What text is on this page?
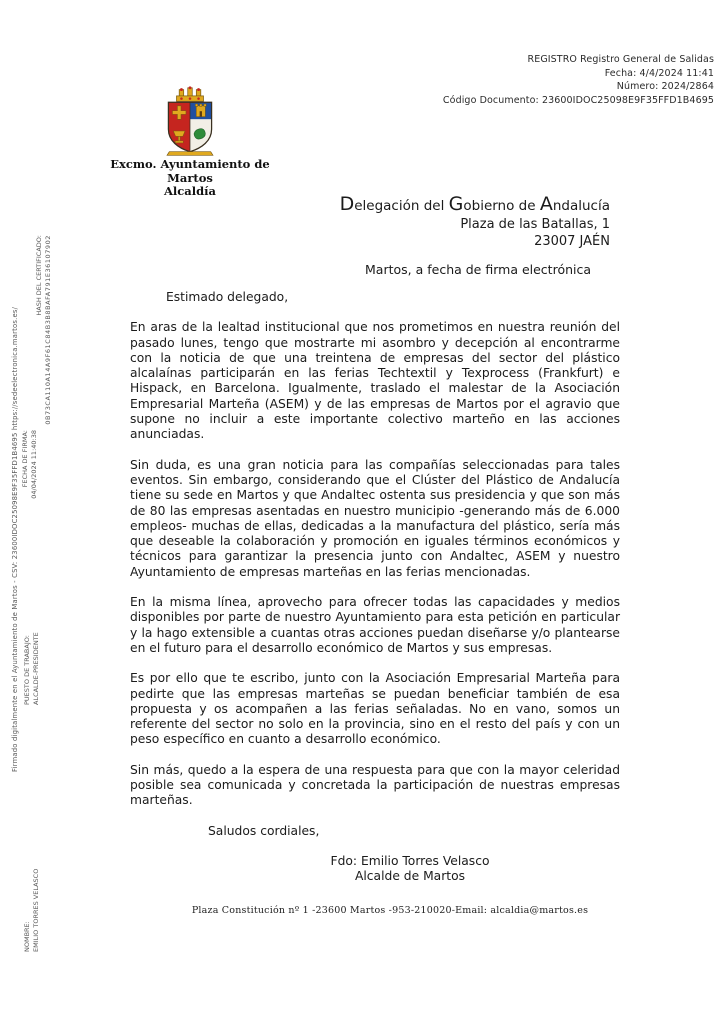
REGISTRO Registro General de Salidas
Fecha: 4/4/2024 11:41
Número: 2024/2864
Código Documento: 23600IDOC25098E9F35FFD1B4695
Excmo. Ayuntamiento de Martos
Alcaldía
Delegación del Gobierno de Andalucía
Plaza de las Batallas, 1
23007 JAÉN
Martos, a fecha de firma electrónica
Estimado delegado,

En aras de la lealtad institucional que nos prometimos en nuestra reunión del pasado lunes, tengo que mostrarte mi asombro y decepción al encontrarme con la noticia de que una treintena de empresas del sector del plástico alcalaínas participarán en las ferias Techtextil y Texprocess (Frankfurt) e Hispack, en Barcelona. Igualmente, traslado el malestar de la Asociación Empresarial Marteña (ASEM) y de las empresas de Martos por el agravio que supone no incluir a este importante colectivo marteño en las acciones anunciadas.

Sin duda, es una gran noticia para las compañías seleccionadas para tales eventos. Sin embargo, considerando que el Clúster del Plástico de Andalucía tiene su sede en Martos y que Andaltec ostenta sus presidencia y que son más de 80 las empresas asentadas en nuestro municipio -generando más de 6.000 empleos- muchas de ellas, dedicadas a la manufactura del plástico, sería más que deseable la colaboración y promoción en iguales términos económicos y técnicos para garantizar la presencia junto con Andaltec, ASEM y nuestro Ayuntamiento de empresas marteñas en las ferias mencionadas.

En la misma línea, aprovecho para ofrecer todas las capacidades y medios disponibles por parte de nuestro Ayuntamiento para esta petición en particular y la hago extensible a cuantas otras acciones puedan diseñarse y/o plantearse en el futuro para el desarrollo económico de Martos y sus empresas.

Es por ello que te escribo, junto con la Asociación Empresarial Marteña para pedirte que las empresas marteñas se puedan beneficiar también de esa propuesta y os acompañen a las ferias señaladas. No en vano, somos un referente del sector no solo en la provincia, sino en el resto del país y con un peso específico en cuanto a desarrollo económico.

Sin más, quedo a la espera de una respuesta para que con la mayor celeridad posible sea comunicada y concretada la participación de nuestras empresas marteñas.

Saludos cordiales,
Fdo: Emilio Torres Velasco
Alcalde de Martos
Plaza Constitución nº 1 -23600 Martos -953-210020-Email: alcaldia@martos.es
Firmado digitalmente en el Ayuntamiento de Martos - CSV: 23600IDOC25098E9F35FFD1B4695 https://sedeelectronica.martos.es/
HASH DEL CERTIFICADO: 0B73CA110A14A9F61C84B3B8BAFA791E36107902
FECHA DE FIRMA: 04/04/2024 11:40:38
PUESTO DE TRABAJO: ALCALDE-PRESIDENTE
NOMBRE: EMILIO TORRES VELASCO
